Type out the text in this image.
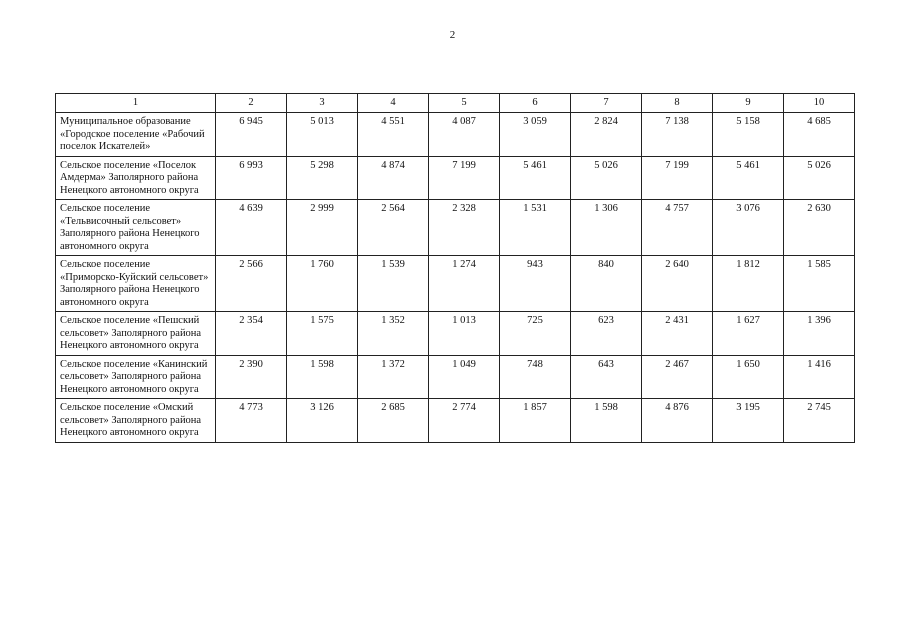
2
1	2	3	4	5	6	7	8	9	10
Муниципальное образование «Городское поселение «Рабочий поселок Искателей»	6 945	5 013	4 551	4 087	3 059	2 824	7 138	5 158	4 685
Сельское поселение «Поселок Амдерма» Заполярного района Ненецкого автономного округа	6 993	5 298	4 874	7 199	5 461	5 026	7 199	5 461	5 026
Сельское поселение «Тельвисочный сельсовет» Заполярного района Ненецкого автономного округа	4 639	2 999	2 564	2 328	1 531	1 306	4 757	3 076	2 630
Сельское поселение «Приморско-Куйский сельсовет» Заполярного района Ненецкого автономного округа	2 566	1 760	1 539	1 274	943	840	2 640	1 812	1 585
Сельское поселение «Пешский сельсовет» Заполярного района Ненецкого автономного округа	2 354	1 575	1 352	1 013	725	623	2 431	1 627	1 396
Сельское поселение «Канинский сельсовет» Заполярного района Ненецкого автономного округа	2 390	1 598	1 372	1 049	748	643	2 467	1 650	1 416
Сельское поселение «Омский сельсовет» Заполярного района Ненецкого автономного округа	4 773	3 126	2 685	2 774	1 857	1 598	4 876	3 195	2 745
